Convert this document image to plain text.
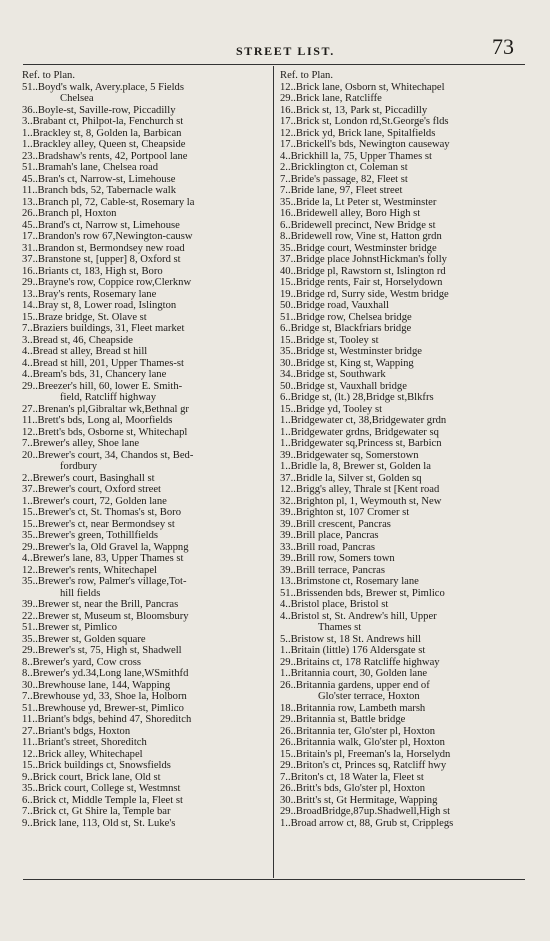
STREET LIST.	73
Ref. to Plan.
51..Boyd's walk, Avery.place, 5 Fields
Chelsea
36..Boyle-st, Saville-row, Piccadilly
3..Brabant ct, Philpot-la, Fenchurch st
1..Brackley st, 8, Golden la, Barbican
1..Brackley alley, Queen st, Cheapside
23..Bradshaw's rents, 42, Portpool lane
51..Bramah's lane, Chelsea road
45..Bran's ct, Narrow-st, Limehouse
11..Branch bds, 52, Tabernacle walk
13..Branch pl, 72, Cable-st, Rosemary la
26..Branch pl, Hoxton
45..Brand's ct, Narrow st, Limehouse
17..Brandon's row 67,Newington-causw
31..Brandon st, Bermondsey new road
37..Branstone st, [upper] 8, Oxford st
16..Briants ct, 183, High st, Boro
29..Brayne's row, Coppice row,Clerknw
13..Bray's rents, Rosemary lane
14..Bray st, 8, Lower road, Islington
15..Braze bridge, St. Olave st
7..Braziers buildings, 31, Fleet market
3..Bread st, 46, Cheapside
4..Bread st alley, Bread st hill
4..Bread st hill, 201, Upper Thames-st
4..Bream's bds, 31, Chancery lane
29..Breezer's hill, 60, lower E. Smith-
field, Ratcliff highway
27..Brenan's pl,Gibraltar wk,Bethnal gr
11..Brett's bds, Long al, Moorfields
12..Brett's bds, Osborne st, Whitechapl
7..Brewer's alley, Shoe lane
20..Brewer's court, 34, Chandos st, Bed-
fordbury
2..Brewer's court, Basinghall st
37..Brewer's court, Oxford street
1..Brewer's court, 72, Golden lane
15..Brewer's ct, St. Thomas's st, Boro
15..Brewer's ct, near Bermondsey st
35..Brewer's green, Tothillfields
29..Brewer's la, Old Gravel la, Wappng
4..Brewer's lane, 83, Upper Thames st
12..Brewer's rents, Whitechapel
35..Brewer's row, Palmer's village,Tot-
hill fields
39..Brewer st, near the Brill, Pancras
22..Brewer st, Museum st, Bloomsbury
51..Brewer st, Pimlico
35..Brewer st, Golden square
29..Brewer's st, 75, High st, Shadwell
8..Brewer's yard, Cow cross
8..Brewer's yd.34,Long lane,WSmithfd
30..Brewhouse lane, 144, Wapping
7..Brewhouse yd, 33, Shoe la, Holborn
51..Brewhouse yd, Brewer-st, Pimlico
11..Briant's bdgs, behind 47, Shoreditch
27..Briant's bdgs, Hoxton
11..Briant's street, Shoreditch
12..Brick alley, Whitechapel
15..Brick buildings ct, Snowsfields
9..Brick court, Brick lane, Old st
35..Brick court, College st, Westmnst
6..Brick ct, Middle Temple la, Fleet st
7..Brick ct, Gt Shire la, Temple bar
9..Brick lane, 113, Old st, St. Luke's
Ref. to Plan.
12..Brick lane, Osborn st, Whitechapel
29..Brick lane, Ratcliffe
16..Brick st, 13, Park st, Piccadilly
17..Brick st, London rd,St.George's flds
12..Brick yd, Brick lane, Spitalfields
17..Brickell's bds, Newington causeway
4..Brickhill la, 75, Upper Thames st
2..Bricklington ct, Coleman st
7..Bride's passage, 82, Fleet st
7..Bride lane, 97, Fleet street
35..Bride la, Lt Peter st, Westminster
16..Bridewell alley, Boro High st
6..Bridewell precinct, New Bridge st
8..Bridewell row, Vine st, Hatton grdn
35..Bridge court, Westminster bridge
37..Bridge place JohnstHickman's folly
40..Bridge pl, Rawstorn st, Islington rd
15..Bridge rents, Fair st, Horselydown
19..Bridge rd, Surry side, Westm bridge
50..Bridge road, Vauxhall
51..Bridge row, Chelsea bridge
6..Bridge st, Blackfriars bridge
15..Bridge st, Tooley st
35..Bridge st, Westminster bridge
30..Bridge st, King st, Wapping
34..Bridge st, Southwark
50..Bridge st, Vauxhall bridge
6..Bridge st, (lt.) 28,Bridge st,Blkfrs
15..Bridge yd, Tooley st
1..Bridgewater ct, 38,Bridgewater grdn
1..Bridgewater grdns, Bridgewater sq
1..Bridgewater sq,Princess st, Barbicn
39..Bridgewater sq, Somerstown
1..Bridle la, 8, Brewer st, Golden la
37..Bridle la, Silver st, Golden sq
12..Brigg's alley, Thrale st [Kent road
32..Brighton pl, 1, Weymouth st, New
39..Brighton st, 107 Cromer st
39..Brill crescent, Pancras
39..Brill place, Pancras
33..Brill road, Pancras
39..Brill row, Somers town
39..Brill terrace, Pancras
13..Brimstone ct, Rosemary lane
51..Brissenden bds, Brewer st, Pimlico
4..Bristol place, Bristol st
4..Bristol st, St. Andrew's hill, Upper
Thames st
5..Bristow st, 18 St. Andrews hill
1..Britain (little) 176 Aldersgate st
29..Britains ct, 178 Ratcliffe highway
1..Britannia court, 30, Golden lane
26..Britannia gardens, upper end of
Glo'ster terrace, Hoxton
18..Britannia row, Lambeth marsh
29..Britannia st, Battle bridge
26..Britannia ter, Glo'ster pl, Hoxton
26..Britannia walk, Glo'ster pl, Hoxton
15..Britain's pl, Freeman's la, Horselydn
29..Briton's ct, Princes sq, Ratcliff hwy
7..Briton's ct, 18 Water la, Fleet st
26..Britt's bds, Glo'ster pl, Hoxton
30..Britt's st, Gt Hermitage, Wapping
29..BroadBridge,87up.Shadwell,High st
1..Broad arrow ct, 88, Grub st, Cripplegs
